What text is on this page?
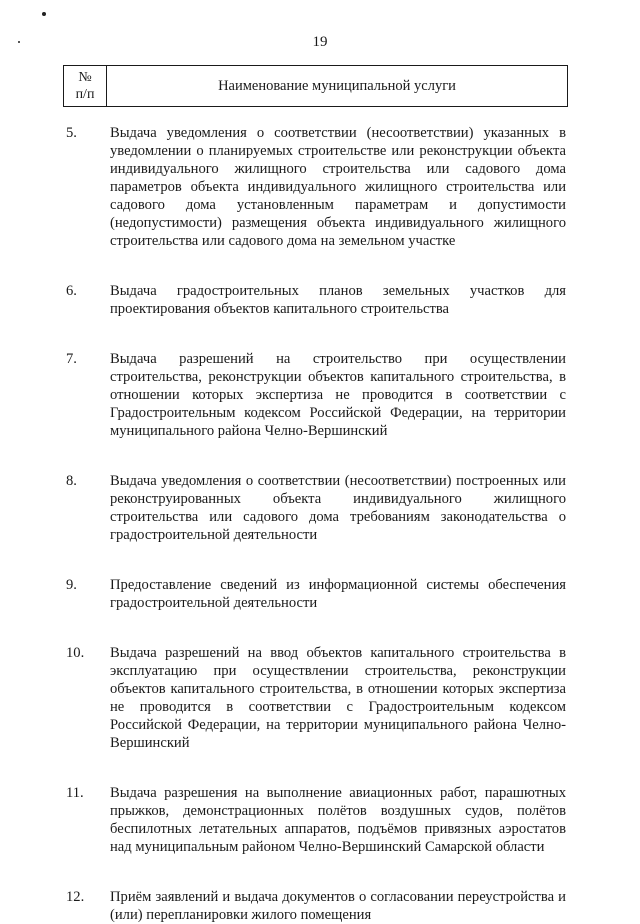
19
№
п/п
	Наименование муниципальной услуги
5.	Выдача уведомления о соответствии (несоответствии) указанных в уведомлении о планируемых строительстве или реконструкции объекта индивидуального жилищного строительства или садового дома параметров объекта индивидуального жилищного строительства или садового дома установленным параметрам и допустимости (недопустимости) размещения объекта индивидуального жилищного строительства или садового дома на земельном участке
6.	Выдача градостроительных планов земельных участков для проектирования объектов капитального строительства
7.	Выдача разрешений на строительство при осуществлении строительства, реконструкции объектов капитального строительства, в отношении которых экспертиза не проводится в соответствии с Градостроительным кодексом Российской Федерации, на территории муниципального района Челно-Вершинский
8.	Выдача уведомления о соответствии (несоответствии) построенных или реконструированных объекта индивидуального жилищного строительства или садового дома требованиям законодательства о градостроительной деятельности
9.	Предоставление сведений из информационной системы обеспечения градостроительной деятельности
10.	Выдача разрешений на ввод объектов капитального строительства в эксплуатацию при осуществлении строительства, реконструкции объектов капитального строительства, в отношении которых экспертиза не проводится в соответствии с Градостроительным кодексом Российской Федерации, на территории муниципального района Челно-Вершинский
11.	Выдача разрешения на выполнение авиационных работ, парашютных прыжков, демонстрационных полётов воздушных судов, полётов беспилотных летательных аппаратов, подъёмов привязных аэростатов над муниципальным районом Челно-Вершинский Самарской области
12.	Приём заявлений и выдача документов о согласовании переустройства и (или) перепланировки жилого помещения
